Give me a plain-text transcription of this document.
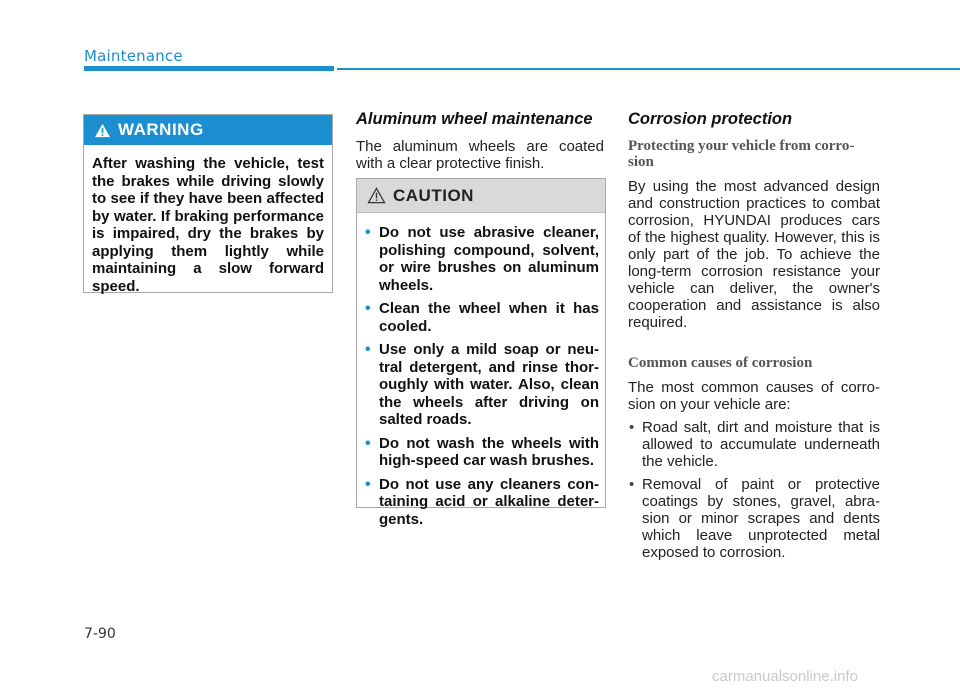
Maintenance
WARNING
After washing the vehicle, test the brakes while driving slowly to see if they have been affected by water. If braking performance is impaired, dry the brakes by applying them lightly while maintaining a slow forward speed.
Aluminum wheel maintenance

The aluminum wheels are coated with a clear protective finish.

CAUTION
• Do not use abrasive cleaner, polishing compound, solvent, or wire brushes on aluminum wheels.
• Clean the wheel when it has cooled.
• Use only a mild soap or neu-tral detergent, and rinse thor-oughly with water. Also, clean the wheels after driving on salted roads.
• Do not wash the wheels with high-speed car wash brushes.
• Do not use any cleaners con-taining acid or alkaline deter-gents.
Corrosion protection
Protecting your vehicle from corro-sion

By using the most advanced design and construction practices to combat corrosion, HYUNDAI produces cars of the highest quality. However, this is only part of the job. To achieve the long-term corrosion resistance your vehicle can deliver, the owner's cooperation and assistance is also required.

Common causes of corrosion

The most common causes of corro-sion on your vehicle are:

• Road salt, dirt and moisture that is allowed to accumulate underneath the vehicle.
• Removal of paint or protective coatings by stones, gravel, abra-sion or minor scrapes and dents which leave unprotected metal exposed to corrosion.
7-90
carmanualsonline.info
